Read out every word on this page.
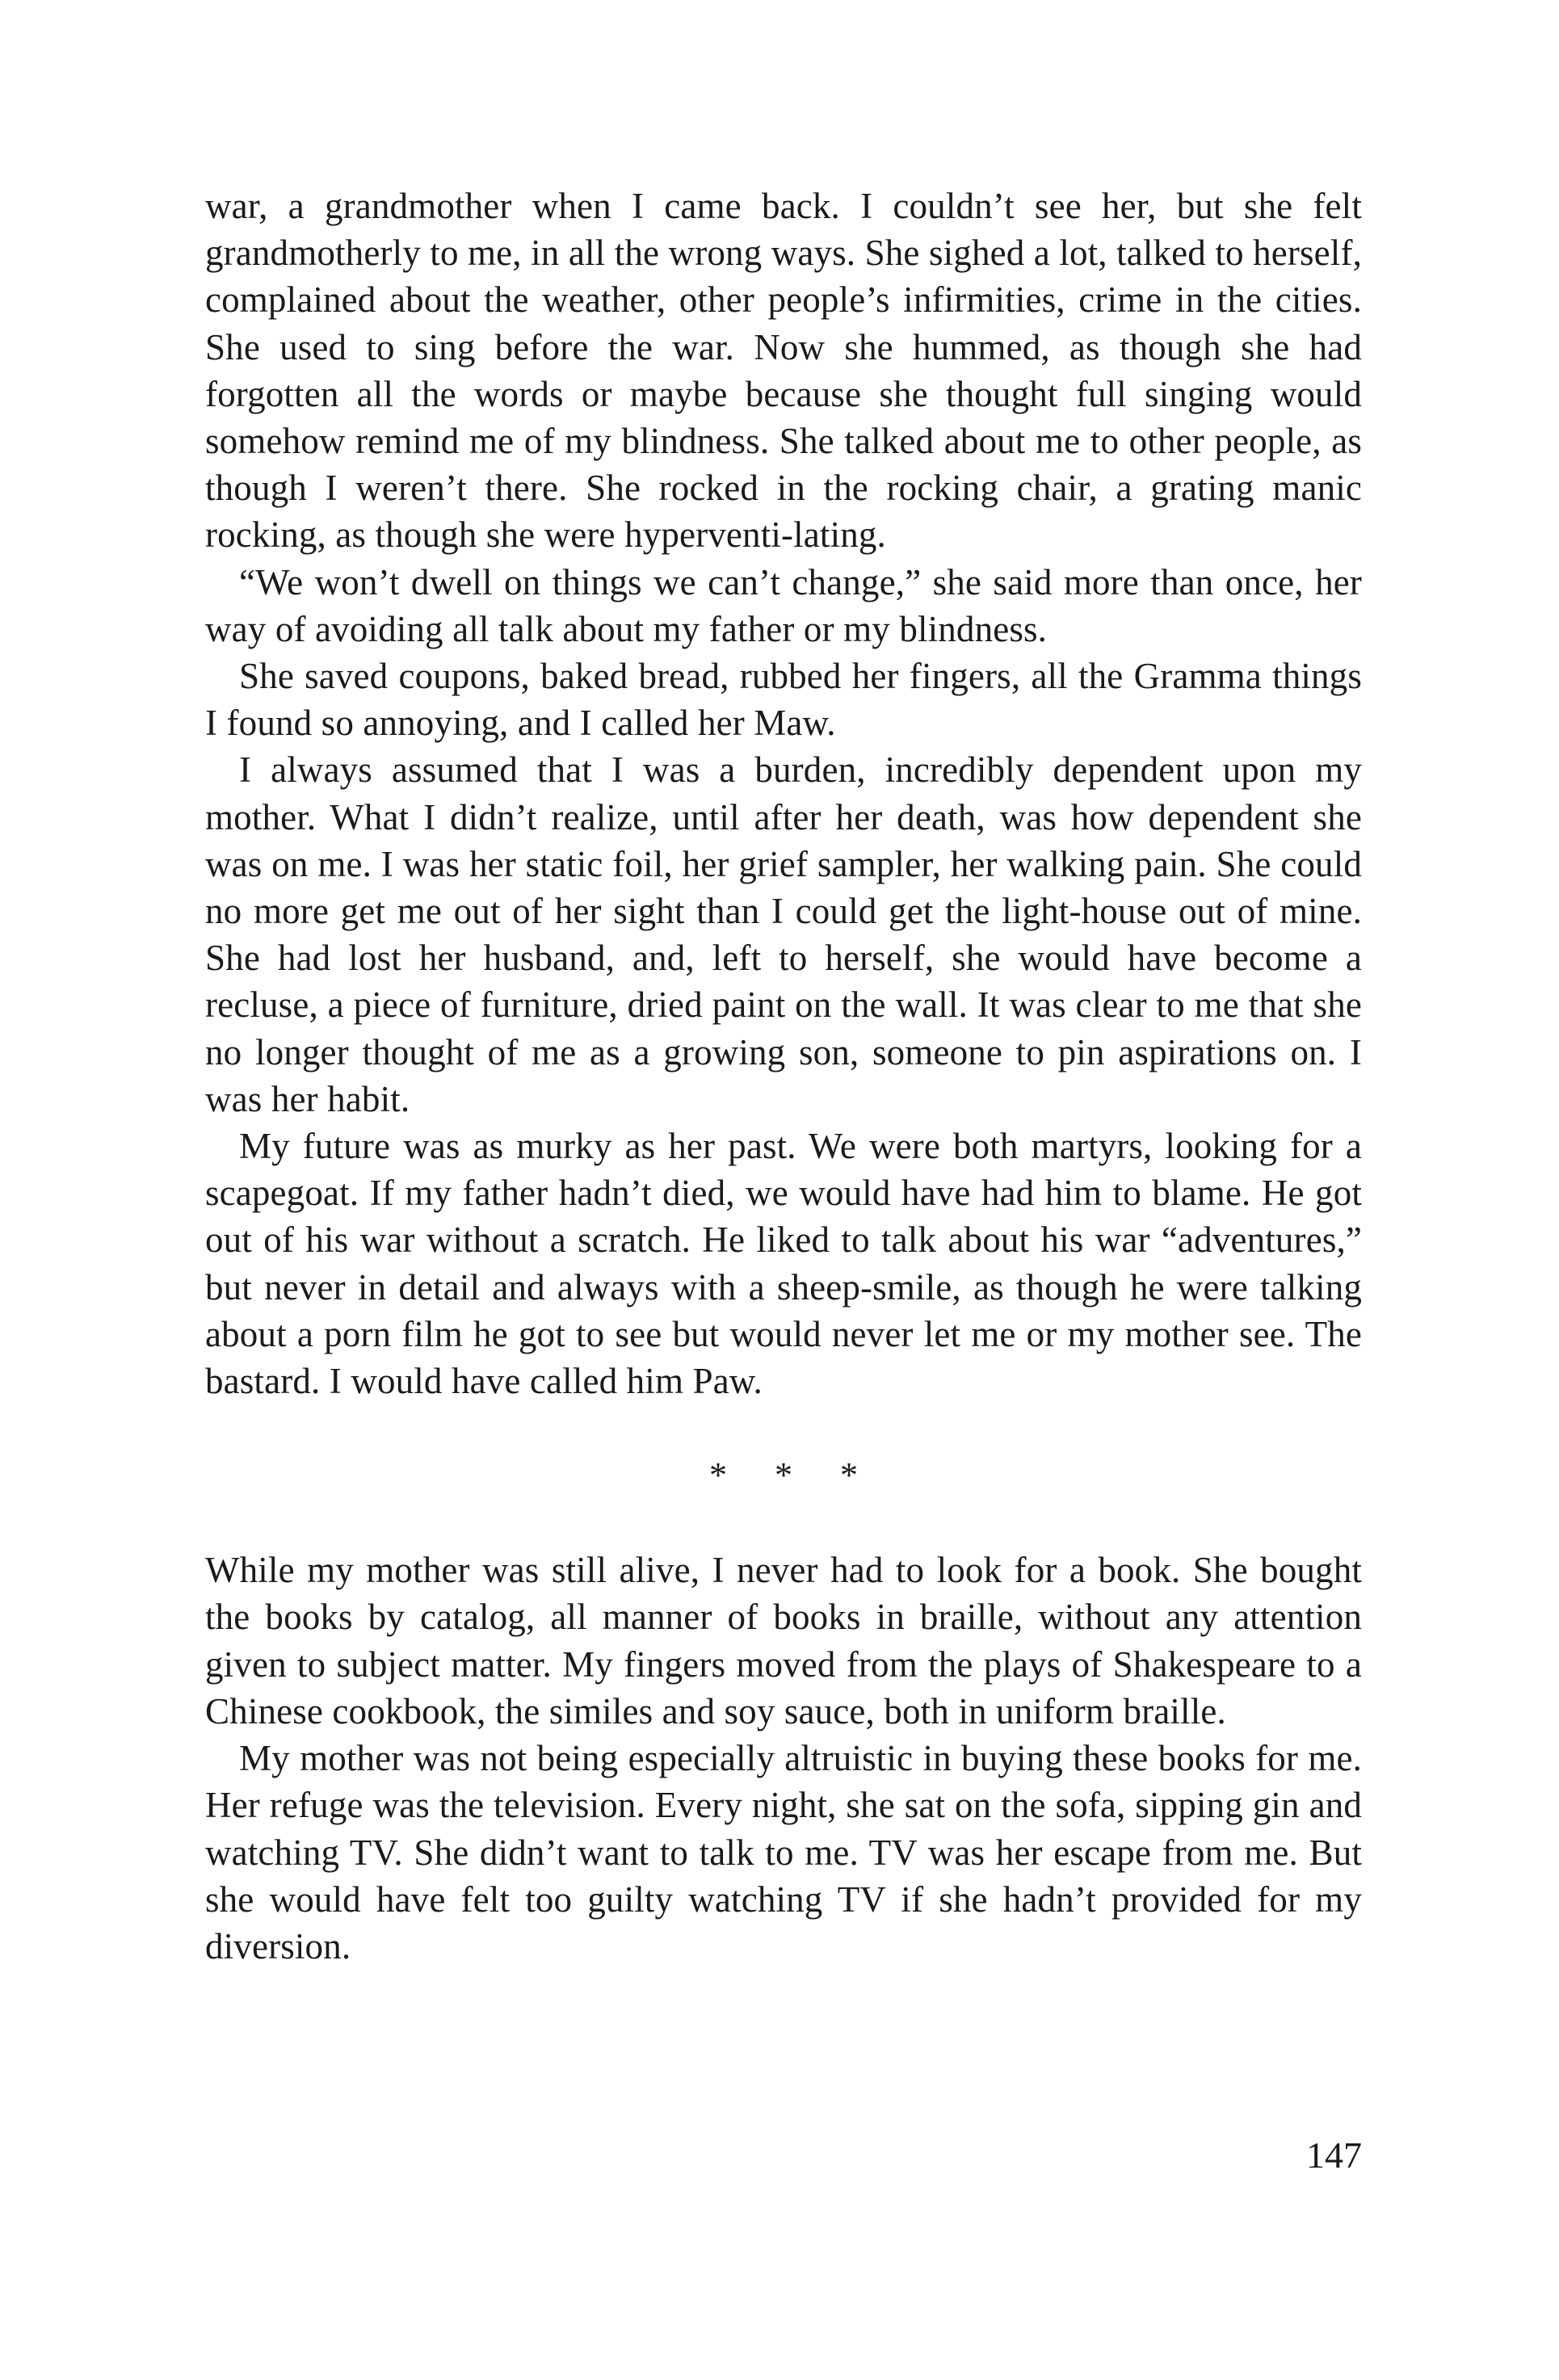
war, a grandmother when I came back. I couldn’t see her, but she felt grandmotherly to me, in all the wrong ways. She sighed a lot, talked to herself, complained about the weather, other people’s infirmities, crime in the cities. She used to sing before the war. Now she hummed, as though she had forgotten all the words or maybe because she thought full singing would somehow remind me of my blindness. She talked about me to other people, as though I weren’t there. She rocked in the rocking chair, a grating manic rocking, as though she were hyperventi-lating.

“We won’t dwell on things we can’t change,” she said more than once, her way of avoiding all talk about my father or my blindness.

She saved coupons, baked bread, rubbed her fingers, all the Gramma things I found so annoying, and I called her Maw.

I always assumed that I was a burden, incredibly dependent upon my mother. What I didn’t realize, until after her death, was how dependent she was on me. I was her static foil, her grief sampler, her walking pain. She could no more get me out of her sight than I could get the light-house out of mine. She had lost her husband, and, left to herself, she would have become a recluse, a piece of furniture, dried paint on the wall. It was clear to me that she no longer thought of me as a growing son, someone to pin aspirations on. I was her habit.

My future was as murky as her past. We were both martyrs, looking for a scapegoat. If my father hadn’t died, we would have had him to blame. He got out of his war without a scratch. He liked to talk about his war “adventures,” but never in detail and always with a sheep-smile, as though he were talking about a porn film he got to see but would never let me or my mother see. The bastard. I would have called him Paw.

* * *

While my mother was still alive, I never had to look for a book. She bought the books by catalog, all manner of books in braille, without any attention given to subject matter. My fingers moved from the plays of Shakespeare to a Chinese cookbook, the similes and soy sauce, both in uniform braille.

My mother was not being especially altruistic in buying these books for me. Her refuge was the television. Every night, she sat on the sofa, sipping gin and watching TV. She didn’t want to talk to me. TV was her escape from me. But she would have felt too guilty watching TV if she hadn’t provided for my diversion.

147
